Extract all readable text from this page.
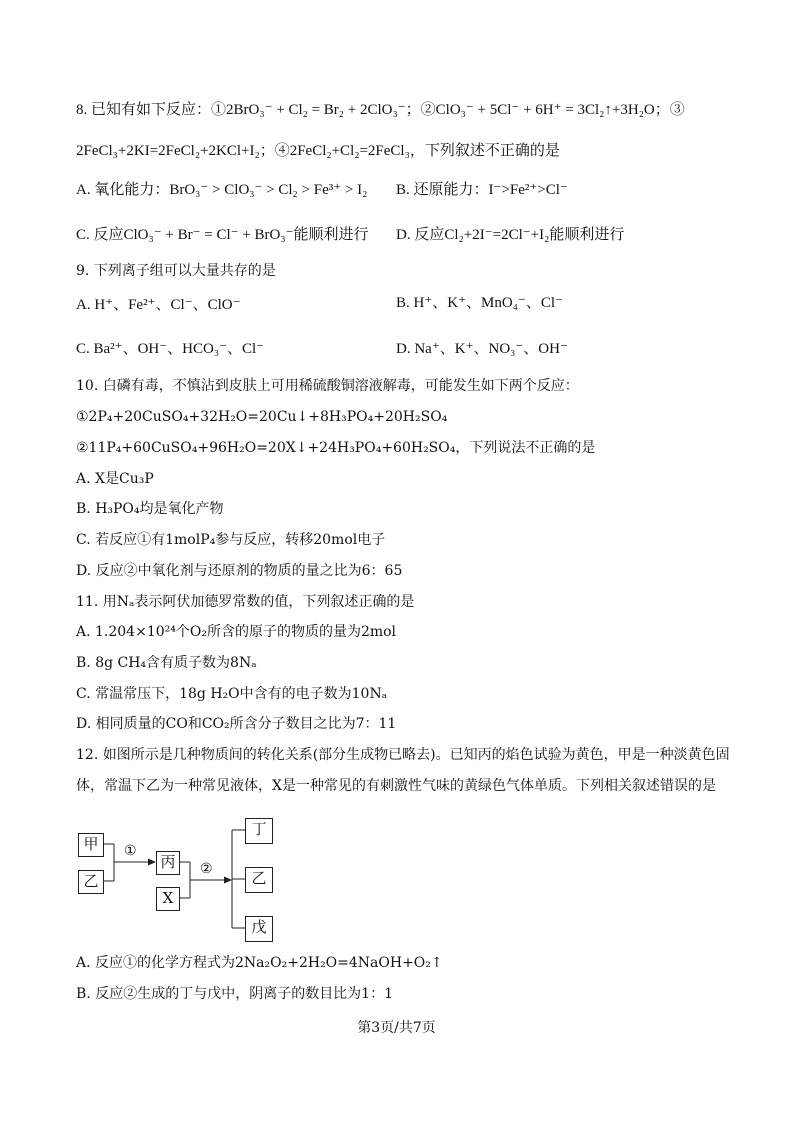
8. 已知有如下反应：①2BrO₃⁻ + Cl₂ = Br₂ + 2ClO₃⁻；②ClO₃⁻ + 5Cl⁻ + 6H⁺ = 3Cl₂↑+3H₂O；③
2FeCl₃+2KI=2FeCl₂+2KCl+I₂；④2FeCl₂+Cl₂=2FeCl₃，下列叙述不正确的是
A. 氧化能力：BrO₃⁻ > ClO₃⁻ > Cl₂ > Fe³⁺ > I₂ B. 还原能力：I⁻>Fe²⁺>Cl⁻
C. 反应ClO₃⁻ + Br⁻ = Cl⁻ + BrO₃⁻能顺利进行 D. 反应Cl₂+2I⁻=2Cl⁻+I₂能顺利进行
9. 下列离子组可以大量共存的是
A. H⁺、Fe²⁺、Cl⁻、ClO⁻	B. H⁺、K⁺、MnO₄⁻、Cl⁻
C. Ba²⁺、OH⁻、HCO₃⁻、Cl⁻	D. Na⁺、K⁺、NO₃⁻、OH⁻
10. 白磷有毒，不慎沾到皮肤上可用稀硫酸铜溶液解毒，可能发生如下两个反应：
①2P₄+20CuSO₄+32H₂O=20Cu↓+8H₃PO₄+20H₂SO₄
②11P₄+60CuSO₄+96H₂O=20X↓+24H₃PO₄+60H₂SO₄，下列说法不正确的是
A. X是Cu₃P
B. H₃PO₄均是氧化产物
C. 若反应①有1molP₄参与反应，转移20mol电子
D. 反应②中氧化剂与还原剂的物质的量之比为6：65
11. 用Nₐ表示阿伏加德罗常数的值，下列叙述正确的是
A. 1.204×10²⁴个O₂所含的原子的物质的量为2mol
B. 8g CH₄含有质子数为8Nₐ
C. 常温常压下，18g H₂O中含有的电子数为10Nₐ
D. 相同质量的CO和CO₂所含分子数目之比为7：11
12. 如图所示是几种物质间的转化关系(部分生成物已略去)。已知丙的焰色试验为黄色，甲是一种淡黄色固
体，常温下乙为一种常见液体，X是一种常见的有刺激性气味的黄绿色气体单质。下列相关叙述错误的是
甲
乙
①
丙
X
②
丁
乙
戊
A. 反应①的化学方程式为2Na₂O₂+2H₂O=4NaOH+O₂↑
B. 反应②生成的丁与戊中，阴离子的数目比为1：1
第3页/共7页
